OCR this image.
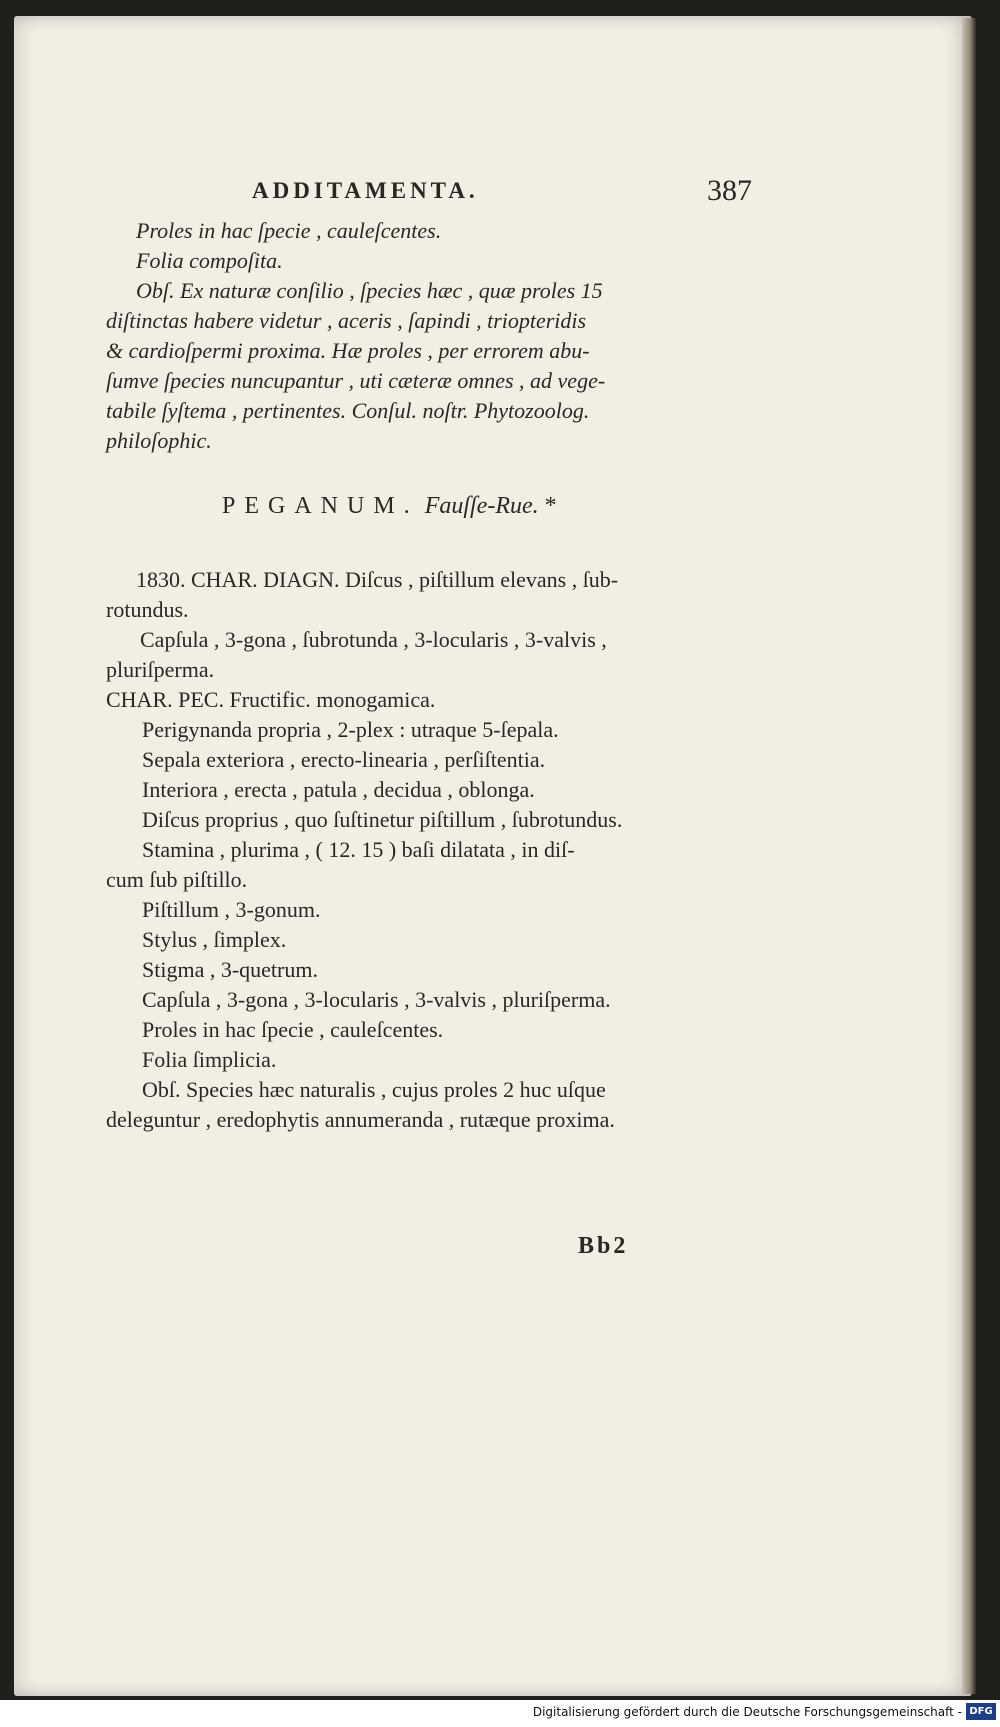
ADDITAMENTA.	387
Proles in hac ſpecie , cauleſcentes.
Folia compoſita.
Obſ. Ex naturæ conſilio , ſpecies hæc , quæ proles 15
diſtinctas habere videtur , aceris , ſapindi , triopteridis
& cardioſpermi proxima. Hæ proles , per errorem abu-
ſumve ſpecies nuncupantur , uti cæteræ omnes , ad vege-
tabile ſyſtema , pertinentes. Conſul. noſtr. Phytozoolog.
philoſophic.
PEGANUM. Fauſſe-Rue. *
1830. CHAR. DIAGN. Diſcus , piſtillum elevans , ſub-
rotundus.
Capſula , 3-gona , ſubrotunda , 3-locularis , 3-valvis ,
pluriſperma.
CHAR. PEC. Fructific. monogamica.
Perigynanda propria , 2-plex : utraque 5-ſepala.
Sepala exteriora , erecto-linearia , perſiſtentia.
Interiora , erecta , patula , decidua , oblonga.
Diſcus proprius , quo ſuſtinetur piſtillum , ſubrotundus.
Stamina , plurima , ( 12. 15 ) baſi dilatata , in diſ-
cum ſub piſtillo.
Piſtillum , 3-gonum.
Stylus , ſimplex.
Stigma , 3-quetrum.
Capſula , 3-gona , 3-locularis , 3-valvis , pluriſperma.
Proles in hac ſpecie , cauleſcentes.
Folia ſimplicia.
Obſ. Species hæc naturalis , cujus proles 2 huc uſque
deleguntur , eredophytis annumeranda , rutæque proxima.
Bb2
Digitalisierung gefördert durch die Deutsche Forschungsgemeinschaft - DFG
